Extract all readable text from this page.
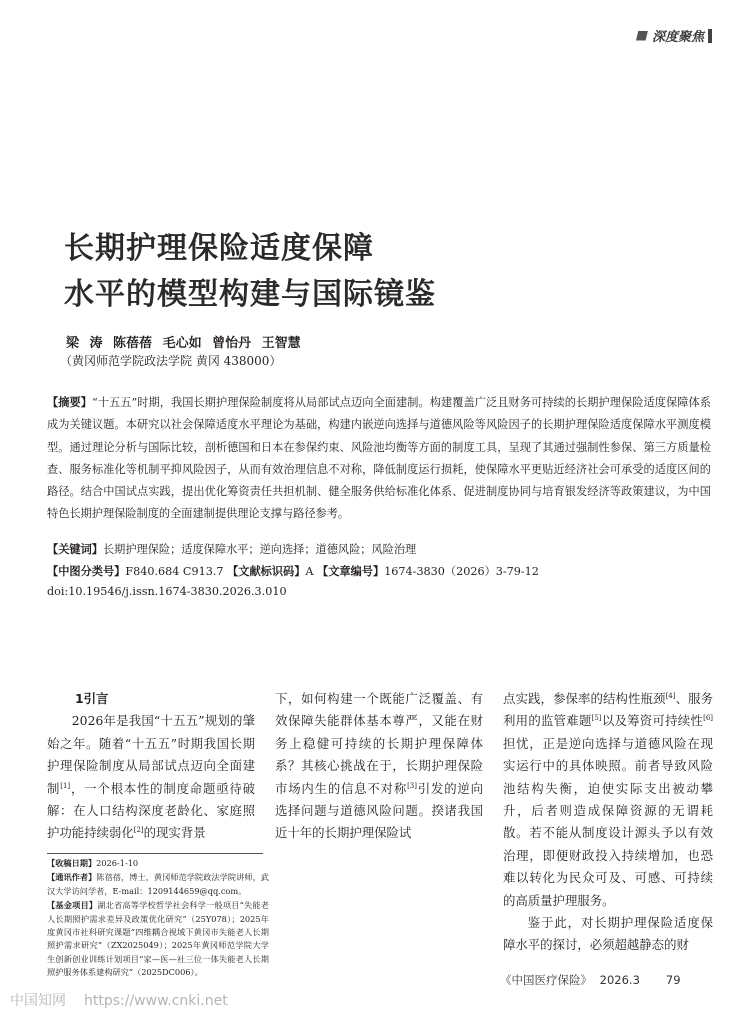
深度聚焦
长期护理保险适度保障
水平的模型构建与国际镜鉴
梁 涛 陈蓓蓓 毛心如 曾怡丹 王智慧
（黄冈师范学院政法学院 黄冈 438000）
【摘要】“十五五”时期，我国长期护理保险制度将从局部试点迈向全面建制。构建覆盖广泛且财务可持续的长期护理保险适度保障体系成为关键议题。本研究以社会保障适度水平理论为基础，构建内嵌逆向选择与道德风险等风险因子的长期护理保险适度保障水平测度模型。通过理论分析与国际比较，剖析德国和日本在参保约束、风险池均衡等方面的制度工具，呈现了其通过强制性参保、第三方质量检查、服务标准化等机制平抑风险因子，从而有效治理信息不对称，降低制度运行损耗，使保障水平更贴近经济社会可承受的适度区间的路径。结合中国试点实践，提出优化筹资责任共担机制、健全服务供给标准化体系、促进制度协同与培育银发经济等政策建议，为中国特色长期护理保险制度的全面建制提供理论支撑与路径参考。
【关键词】长期护理保险；适度保障水平；逆向选择；道德风险；风险治理
【中图分类号】F840.684 C913.7 【文献标识码】A 【文章编号】1674-3830（2026）3-79-12
doi:10.19546/j.issn.1674-3830.2026.3.010

1引言

2026年是我国“十五五”规划的肇始之年。随着“十五五”时期我国长期护理保险制度从局部试点迈向全面建制[1]，一个根本性的制度命题亟待破解：在人口结构深度老龄化、家庭照护功能持续弱化[2]的现实背景

下，如何构建一个既能广泛覆盖、有效保障失能群体基本尊严，又能在财务上稳健可持续的长期护理保障体系？其核心挑战在于，长期护理保险市场内生的信息不对称[3]引发的逆向选择问题与道德风险问题。揆诸我国近十年的长期护理保险试

点实践，参保率的结构性瓶颈[4]、服务利用的监管难题[5]以及筹资可持续性[6]担忧，正是逆向选择与道德风险在现实运行中的具体映照。前者导致风险池结构失衡，迫使实际支出被动攀升，后者则造成保障资源的无谓耗散。若不能从制度设计源头予以有效治理，即便财政投入持续增加，也恐难以转化为民众可及、可感、可持续的高质量护理服务。

鉴于此，对长期护理保险适度保障水平的探讨，必须超越静态的财

【收稿日期】2026-1-10

【通讯作者】陈蓓蓓，博士，黄冈师范学院政法学院讲师，武汉大学访问学者，E-mail：1209144659@qq.com。

【基金项目】湖北省高等学校哲学社会科学一般项目“失能老人长期照护需求差异及政策优化研究”（25Y078）；2025年度黄冈市社科研究课题“四维耦合视域下黄冈市失能老人长期照护需求研究”（ZX2025049）；2025年黄冈师范学院大学生创新创业训练计划项目“家—医—社三位一体失能老人长期照护服务体系建构研究”（2025DC006）。

《中国医疗保险》 2026.3 79
中国知网 https://www.cnki.net
